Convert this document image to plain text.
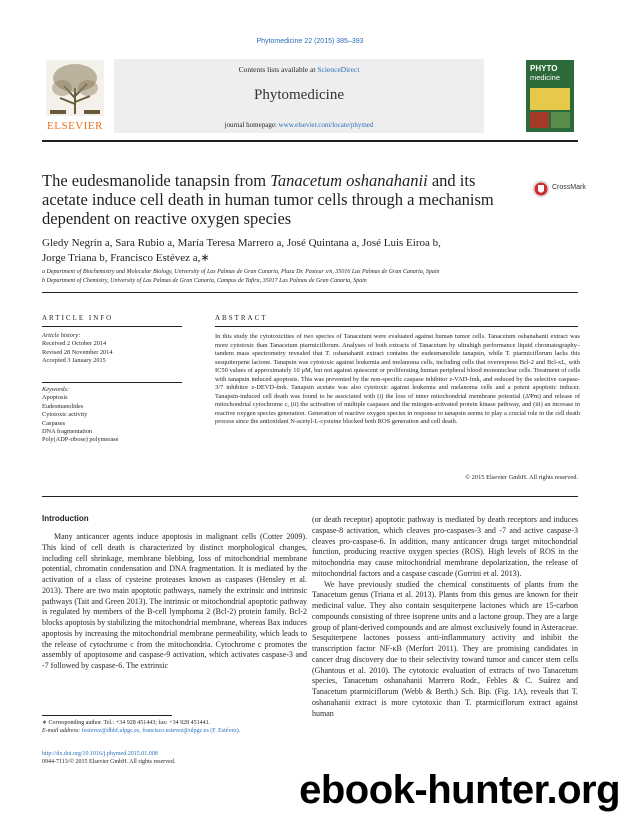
Phytomedicine 22 (2015) 385–393
ELSEVIER
Contents lists available at ScienceDirect
Phytomedicine
journal homepage: www.elsevier.com/locate/phymed
PHYTO
medicine
The eudesmanolide tanapsin from Tanacetum oshanahanii and its acetate induce cell death in human tumor cells through a mechanism dependent on reactive oxygen species
CrossMark
Gledy Negrín a, Sara Rubio a, María Teresa Marrero a, José Quintana a, José Luis Eiroa b,
Jorge Triana b, Francisco Estévez a,∗
a Department of Biochemistry and Molecular Biology, University of Las Palmas de Gran Canaria, Plaza Dr. Pasteur s/n, 35016 Las Palmas de Gran Canaria, Spain
b Department of Chemistry, University of Las Palmas de Gran Canaria, Campus de Tafira, 35017 Las Palmas de Gran Canaria, Spain
ARTICLE INFO
Article history:
Received 2 October 2014
Revised 28 November 2014
Accepted 3 January 2015
Keywords:
Apoptosis
Eudesmanolides
Cytotoxic activity
Caspases
DNA fragmentation
Poly(ADP-ribose) polymerase
ABSTRACT
In this study the cytotoxicities of two species of Tanacetum were evaluated against human tumor cells. Tanacetum oshanahanii extract was more cytotoxic than Tanacetum ptarmiciflorum. Analyses of both extracts of Tanacetum by ultrahigh performance liquid chromatography–tandem mass spectrometry revealed that T. oshanahanii extract contains the eudesmanolide tanapsin, while T. ptarmiciflorum lacks this sesquiterpene lactone. Tanapsin was cytotoxic against leukemia and melanoma cells, including cells that overexpress Bcl-2 and Bcl-xL, with IC50 values of approximately 10 µM, but not against quiescent or proliferating human peripheral blood mononuclear cells. Treatment of cells with tanapsin induced apoptosis. This was prevented by the non-specific caspase inhibitor z-VAD-fmk, and reduced by the selective caspase-3/7 inhibitor z-DEVD-fmk. Tanapsin acetate was also cytotoxic against leukemia and melanoma cells and a potent apoptotic inducer. Tanapsin-induced cell death was found to be associated with (i) the loss of inner mitochondrial membrane potential (ΔΨm) and release of mitochondrial cytochrome c, (ii) the activation of multiple caspases and the mitogen-activated protein kinase pathway, and (iii) an increase in reactive oxygen species generation. Generation of reactive oxygen species in response to tanapsin seems to play a crucial role in the cell death process since the antioxidant N-acetyl-L-cysteine blocked both ROS generation and cell death.
© 2015 Elsevier GmbH. All rights reserved.
Introduction

Many anticancer agents induce apoptosis in malignant cells (Cotter 2009). This kind of cell death is characterized by distinct morphological changes, including cell shrinkage, membrane blebbing, loss of mitochondrial membrane potential, chromatin condensation and DNA fragmentation. It is mediated by the activation of a class of cysteine proteases known as caspases (Hensley et al. 2013). There are two main apoptotic pathways, namely the extrinsic and intrinsic pathways (Tait and Green 2013). The intrinsic or mitochondrial apoptotic pathway is regulated by members of the B-cell lymphoma 2 (Bcl-2) protein family. Bcl-2 blocks apoptosis by stabilizing the mitochondrial membrane, whereas Bax induces apoptosis by increasing the mitochondrial membrane permeability, which leads to the release of cytochrome c from the mitochondria. Cytochrome c promotes the assembly of apoptosome and caspase-9 activation, which activates caspase-3 and -7 followed by caspase-6. The extrinsic

(or death receptor) apoptotic pathway is mediated by death receptors and induces caspase-8 activation, which cleaves pro-caspases-3 and -7 and active caspase-3 cleaves pro-caspase-6. In addition, many anticancer drugs target mitochondrial function, producing reactive oxygen species (ROS). High levels of ROS in the mitochondria may cause mitochondrial membrane depolarization, the release of mitochondrial factors and a caspase cascade (Gorrini et al. 2013).

We have previously studied the chemical constituents of plants from the Tanacetum genus (Triana et al. 2013). Plants from this genus are known for their medicinal value. They also contain sesquiterpene lactones which are 15-carbon compounds consisting of three isoprene units and a lactone group. They are a large group of plant-derived compounds and are almost exclusively found in Asteraceae. Sesquiterpene lactones possess anti-inflammatory activity and inhibit the transcription factor NF-κB (Merfort 2011). They are promising candidates in cancer drug discovery due to their selectivity toward tumor and cancer stem cells (Ghantous et al. 2010). The cytotoxic evaluation of extracts of two Tanacetum species, Tanacetum oshanahanii Marrero Rodr., Febles & C. Suárez and Tanacetum ptarmiciflorum (Webb & Berth.) Sch. Bip. (Fig. 1A), reveals that T. oshanahanii extract is more cytotoxic than T. ptarmiciflorum extract against human

∗ Corresponding author. Tel.: +34 928 451443; fax: +34 928 451441.
E-mail address: festevez@dbbf.ulpgc.es, francisco.estevez@ulpgc.es (F. Estévez).
http://dx.doi.org/10.1016/j.phymed.2015.01.008
0944-7113/© 2015 Elsevier GmbH. All rights reserved.
ebook-hunter.org
